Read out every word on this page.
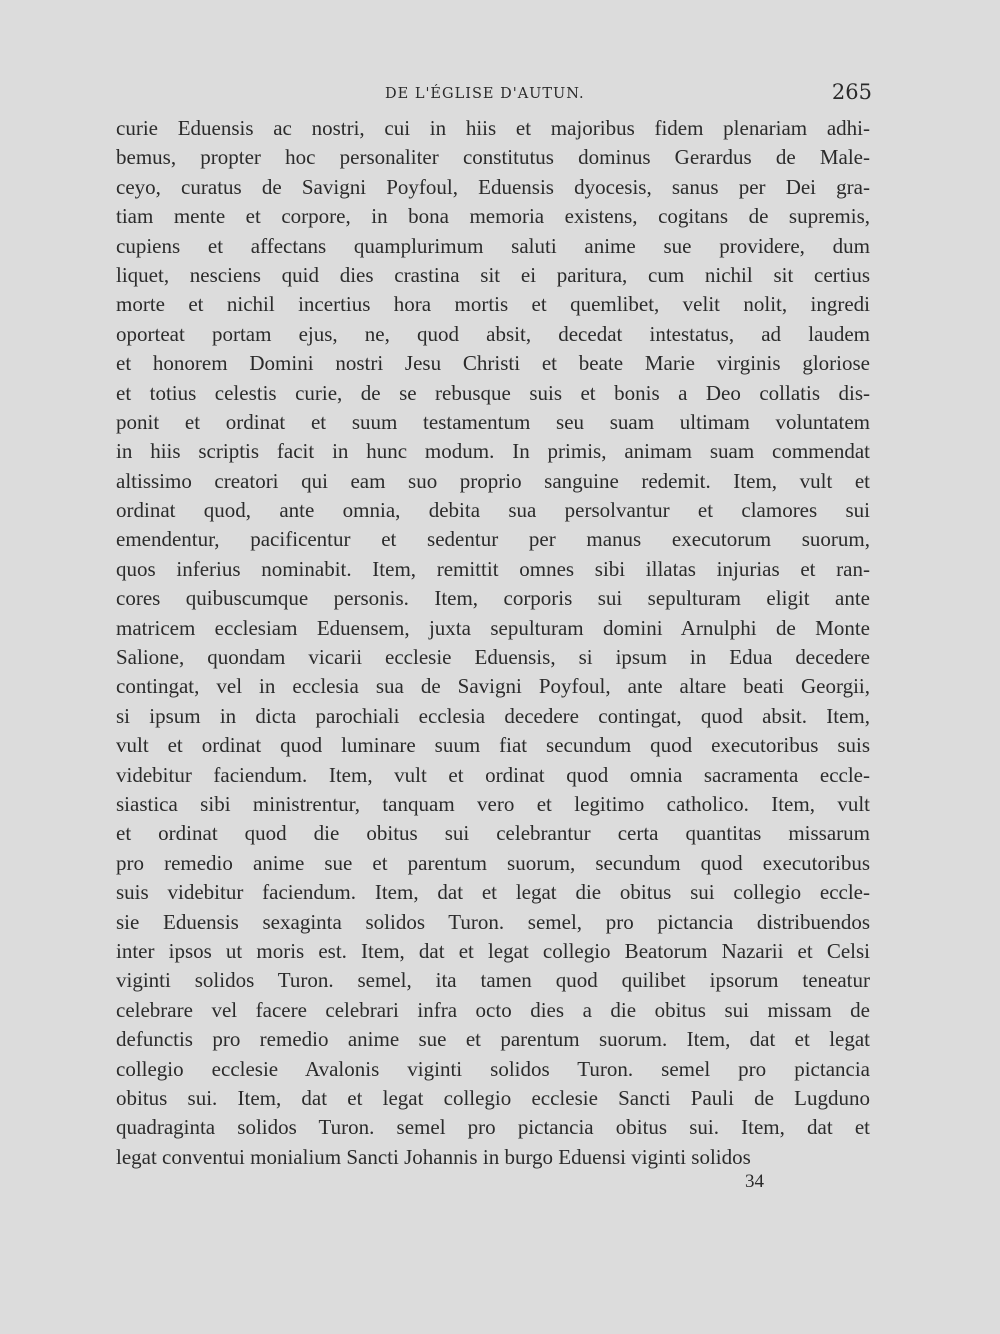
DE L'ÉGLISE D'AUTUN.	265
curie Eduensis ac nostri, cui in hiis et majoribus fidem plenariam adhi-
bemus, propter hoc personaliter constitutus dominus Gerardus de Male-
ceyo, curatus de Savigni Poyfoul, Eduensis dyocesis, sanus per Dei gra-
tiam mente et corpore, in bona memoria existens, cogitans de supremis,
cupiens et affectans quamplurimum saluti anime sue providere, dum
liquet, nesciens quid dies crastina sit ei paritura, cum nichil sit certius
morte et nichil incertius hora mortis et quemlibet, velit nolit, ingredi
oporteat portam ejus, ne, quod absit, decedat intestatus, ad laudem
et honorem Domini nostri Jesu Christi et beate Marie virginis gloriose
et totius celestis curie, de se rebusque suis et bonis a Deo collatis dis-
ponit et ordinat et suum testamentum seu suam ultimam voluntatem
in hiis scriptis facit in hunc modum. In primis, animam suam commendat
altissimo creatori qui eam suo proprio sanguine redemit. Item, vult et
ordinat quod, ante omnia, debita sua persolvantur et clamores sui
emendentur, pacificentur et sedentur per manus executorum suorum,
quos inferius nominabit. Item, remittit omnes sibi illatas injurias et ran-
cores quibuscumque personis. Item, corporis sui sepulturam eligit ante
matricem ecclesiam Eduensem, juxta sepulturam domini Arnulphi de Monte
Salione, quondam vicarii ecclesie Eduensis, si ipsum in Edua decedere
contingat, vel in ecclesia sua de Savigni Poyfoul, ante altare beati Georgii,
si ipsum in dicta parochiali ecclesia decedere contingat, quod absit. Item,
vult et ordinat quod luminare suum fiat secundum quod executoribus suis
videbitur faciendum. Item, vult et ordinat quod omnia sacramenta eccle-
siastica sibi ministrentur, tanquam vero et legitimo catholico. Item, vult
et ordinat quod die obitus sui celebrantur certa quantitas missarum
pro remedio anime sue et parentum suorum, secundum quod executoribus
suis videbitur faciendum. Item, dat et legat die obitus sui collegio eccle-
sie Eduensis sexaginta solidos Turon. semel, pro pictancia distribuendos
inter ipsos ut moris est. Item, dat et legat collegio Beatorum Nazarii et Celsi
viginti solidos Turon. semel, ita tamen quod quilibet ipsorum teneatur
celebrare vel facere celebrari infra octo dies a die obitus sui missam de
defunctis pro remedio anime sue et parentum suorum. Item, dat et legat
collegio ecclesie Avalonis viginti solidos Turon. semel pro pictancia
obitus sui. Item, dat et legat collegio ecclesie Sancti Pauli de Lugduno
quadraginta solidos Turon. semel pro pictancia obitus sui. Item, dat et
legat conventui monialium Sancti Johannis in burgo Eduensi viginti solidos
34
